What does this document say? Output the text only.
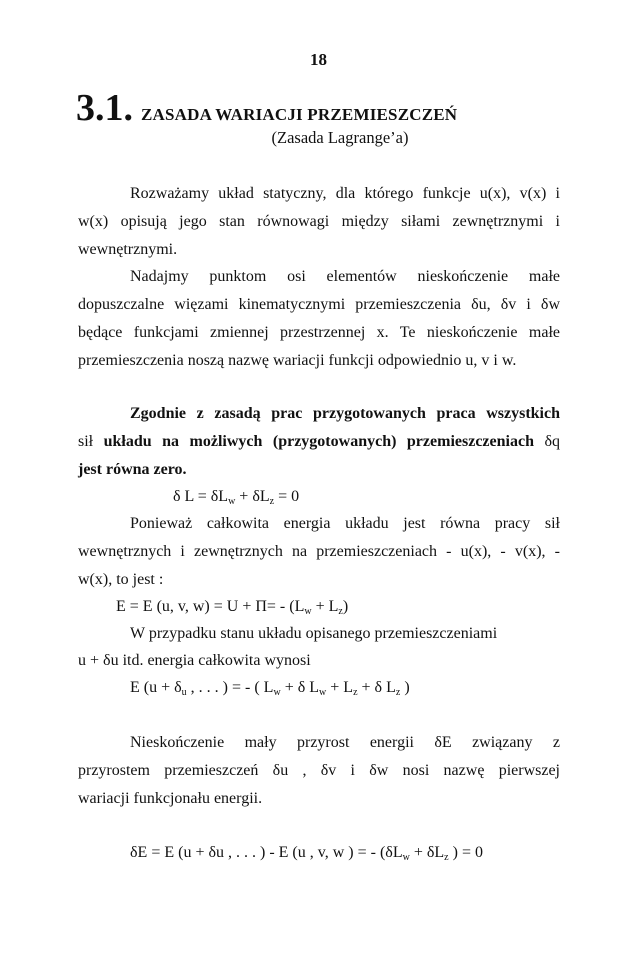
18
3.1. ZASADA WARIACJI PRZEMIESZCZEŃ
(Zasada Lagrange’a)
Rozważamy układ statyczny, dla którego funkcje u(x), v(x) i
w(x) opisują jego stan równowagi między siłami zewnętrznymi i
wewnętrznymi.
Nadajmy punktom osi elementów nieskończenie małe
dopuszczalne więzami kinematycznymi przemieszczenia δu, δv i δw
będące funkcjami zmiennej przestrzennej x. Te nieskończenie małe
przemieszczenia noszą nazwę wariacji funkcji odpowiednio u, v i w.
Zgodnie z zasadą prac przygotowanych praca wszystkich
sił układu na możliwych (przygotowanych) przemieszczeniach δq
jest równa zero.
δ $L = \delta L_w + \delta L_z = 0$
Ponieważ całkowita energia układu jest równa pracy sił
wewnętrznych i zewnętrznych na przemieszczeniach - u(x), - v(x), -
w(x), to jest :
E = E (u, v, $w) = U + \Pi= - (L_w + L_z)$
W przypadku stanu układu opisanego przemieszczeniami
u + δu itd. energia całkowita wynosi
E ($u + \delta_u$ , . . . ) = - ( $L_w + \delta$ $L_w + L_z + \delta$ $L_z$ )
Nieskończenie mały przyrost energii δE związany z
przyrostem przemieszczeń δu , δv i δw nosi nazwę pierwszej
wariacji funkcjonału energii.
δE = E (u + δu , . . . ) - E (u , v, w ) = - ($\delta L_w + \delta L_z$ ) = 0
